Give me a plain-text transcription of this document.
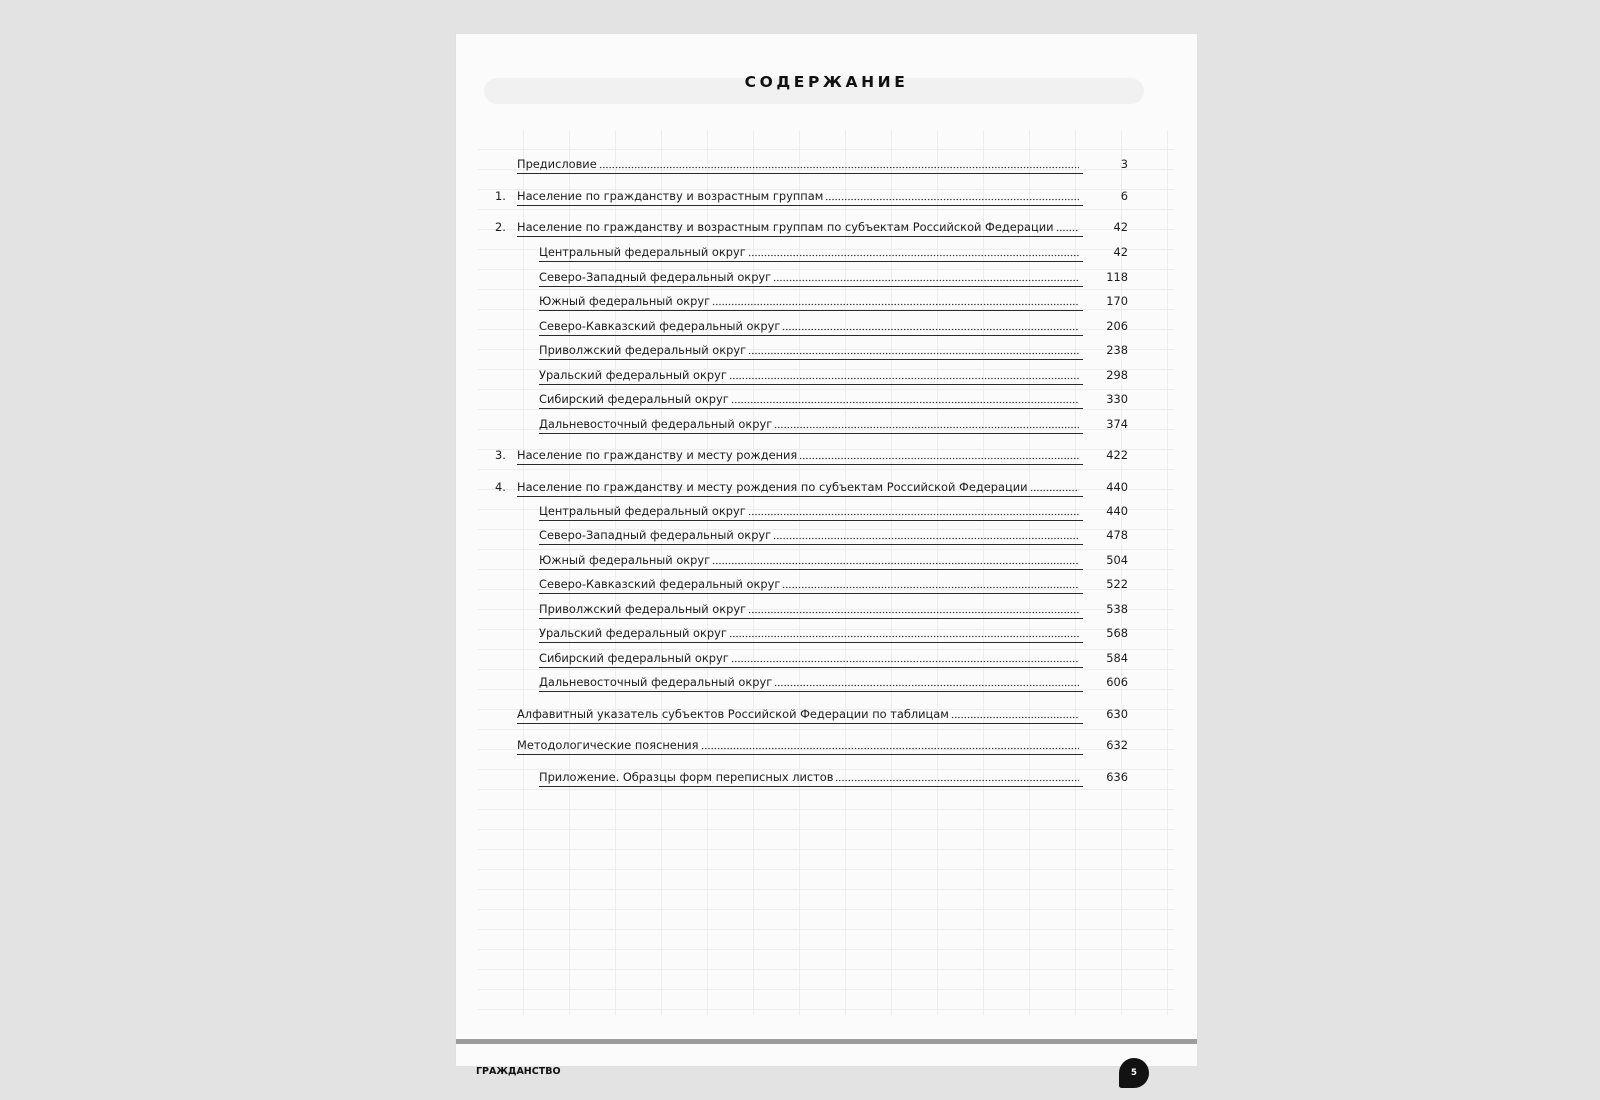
СОДЕРЖАНИЕ
Предисловие	3
1. Население по гражданству и возрастным группам	6
2. Население по гражданству и возрастным группам по субъектам Российской Федерации	42
Центральный федеральный округ	42
Северо-Западный федеральный округ	118
Южный федеральный округ	170
Северо-Кавказский федеральный округ	206
Приволжский федеральный округ	238
Уральский федеральный округ	298
Сибирский федеральный округ	330
Дальневосточный федеральный округ	374
3. Население по гражданству и месту рождения	422
4. Население по гражданству и месту рождения по субъектам Российской Федерации	440
Центральный федеральный округ	440
Северо-Западный федеральный округ	478
Южный федеральный округ	504
Северо-Кавказский федеральный округ	522
Приволжский федеральный округ	538
Уральский федеральный округ	568
Сибирский федеральный округ	584
Дальневосточный федеральный округ	606
Алфавитный указатель субъектов Российской Федерации по таблицам	630
Методологические пояснения	632
Приложение. Образцы форм переписных листов	636
ГРАЖДАНСТВО	5
